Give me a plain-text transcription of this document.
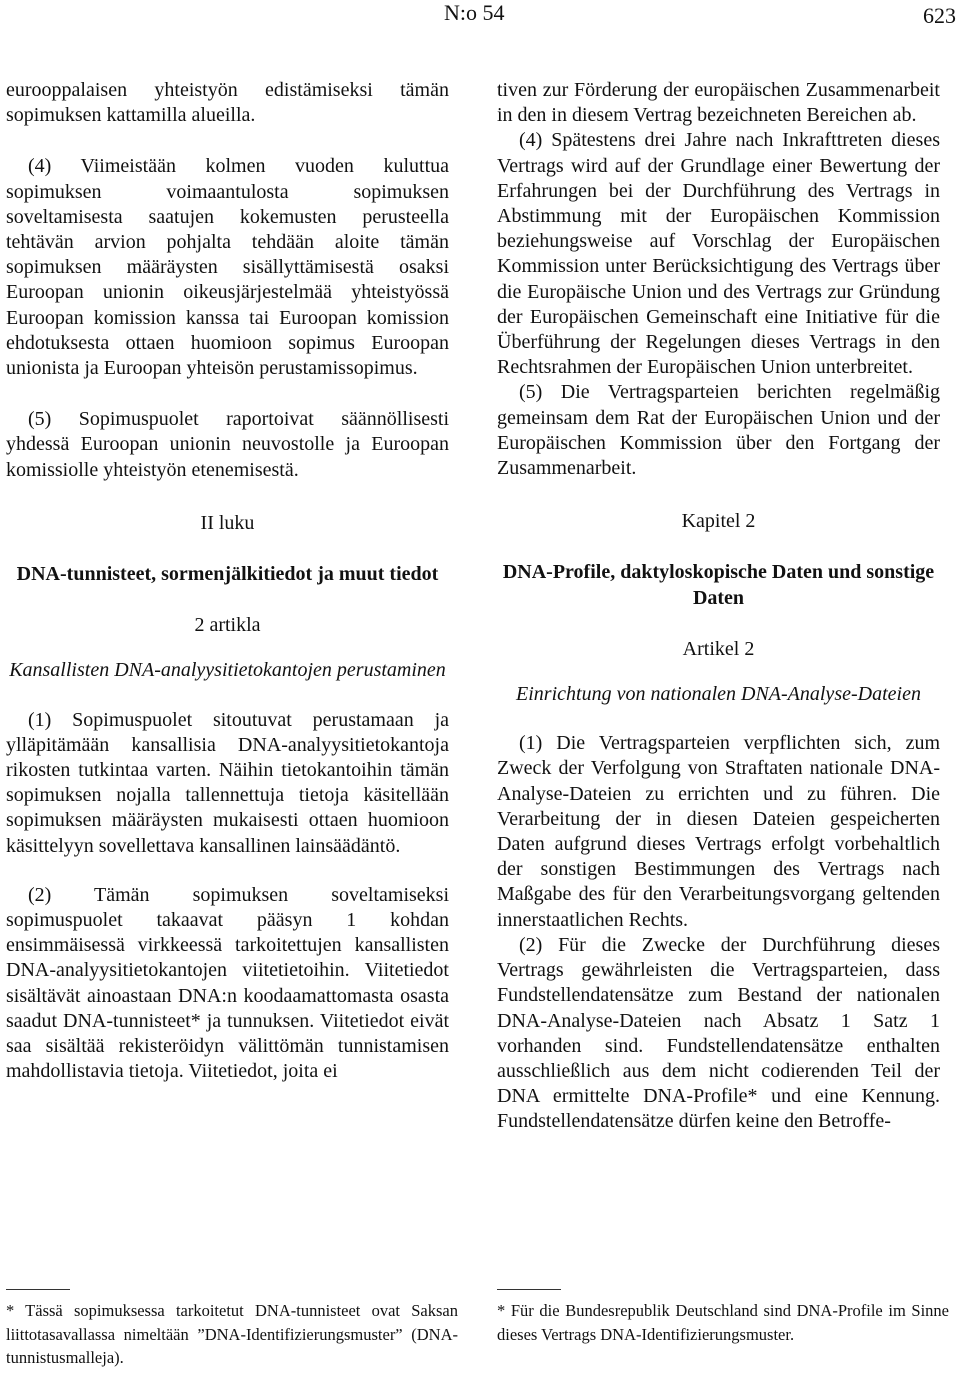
N:o 54	623

eurooppalaisen yhteistyön edistämiseksi tämän sopimuksen kattamilla alueilla.

(4) Viimeistään kolmen vuoden kuluttua sopimuksen voimaantulosta sopimuksen soveltamisesta saatujen kokemusten perusteella tehtävän arvion pohjalta tehdään aloite tämän sopimuksen määräysten sisällyttämisestä osaksi Euroopan unionin oikeusjärjestelmää yhteistyössä Euroopan komission kanssa tai Euroopan komission ehdotuksesta ottaen huomioon sopimus Euroopan unionista ja Euroopan yhteisön perustamissopimus.

(5) Sopimuspuolet raportoivat säännöllisesti yhdessä Euroopan unionin neuvostolle ja Euroopan komissiolle yhteistyön etenemisestä.

II luku

DNA-tunnisteet, sormenjälkitiedot ja muut tiedot

2 artikla

Kansallisten DNA-analyysitietokantojen perustaminen

(1) Sopimuspuolet sitoutuvat perustamaan ja ylläpitämään kansallisia DNA-analyysitietokantoja rikosten tutkintaa varten. Näihin tietokantoihin tämän sopimuksen nojalla tallennettuja tietoja käsitellään sopimuksen määräysten mukaisesti ottaen huomioon käsittelyyn sovellettava kansallinen lainsäädäntö.

(2) Tämän sopimuksen soveltamiseksi sopimuspuolet takaavat pääsyn 1 kohdan ensimmäisessä virkkeessä tarkoitettujen kansallisten DNA-analyysitietokantojen viitetietoihin. Viitetiedot sisältävät ainoastaan DNA:n koodaamattomasta osasta saadut DNA-tunnisteet* ja tunnuksen. Viitetiedot eivät saa sisältää rekisteröidyn välittömän tunnistamisen mahdollistavia tietoja. Viitetiedot, joita ei

tiven zur Förderung der europäischen Zusammenarbeit in den in diesem Vertrag bezeichneten Bereichen ab.

(4) Spätestens drei Jahre nach Inkrafttreten dieses Vertrags wird auf der Grundlage einer Bewertung der Erfahrungen bei der Durchführung des Vertrags in Abstimmung mit der Europäischen Kommission beziehungsweise auf Vorschlag der Europäischen Kommission unter Berücksichtigung des Vertrags über die Europäische Union und des Vertrags zur Gründung der Europäischen Gemeinschaft eine Initiative für die Überführung der Regelungen dieses Vertrags in den Rechtsrahmen der Europäischen Union unterbreitet.

(5) Die Vertragsparteien berichten regelmäßig gemeinsam dem Rat der Europäischen Union und der Europäischen Kommission über den Fortgang der Zusammenarbeit.

Kapitel 2

DNA-Profile, daktyloskopische Daten und sonstige Daten

Artikel 2

Einrichtung von nationalen DNA-Analyse-Dateien

(1) Die Vertragsparteien verpflichten sich, zum Zweck der Verfolgung von Straftaten nationale DNA-Analyse-Dateien zu errichten und zu führen. Die Verarbeitung der in diesen Dateien gespeicherten Daten aufgrund dieses Vertrags erfolgt vorbehaltlich der sonstigen Bestimmungen des Vertrags nach Maßgabe des für den Verarbeitungsvorgang geltenden innerstaatlichen Rechts.

(2) Für die Zwecke der Durchführung dieses Vertrags gewährleisten die Vertragsparteien, dass Fundstellendatensätze zum Bestand der nationalen DNA-Analyse-Dateien nach Absatz 1 Satz 1 vorhanden sind. Fundstellendatensätze enthalten ausschließlich aus dem nicht codierenden Teil der DNA ermittelte DNA-Profile* und eine Kennung. Fundstellendatensätze dürfen keine den Betroffe-

* Tässä sopimuksessa tarkoitetut DNA-tunnisteet ovat Saksan liittotasavallassa nimeltään ”DNA-Identifizierungsmuster” (DNA-tunnistusmalleja).

* Für die Bundesrepublik Deutschland sind DNA-Profile im Sinne dieses Vertrags DNA-Identifizierungsmuster.
